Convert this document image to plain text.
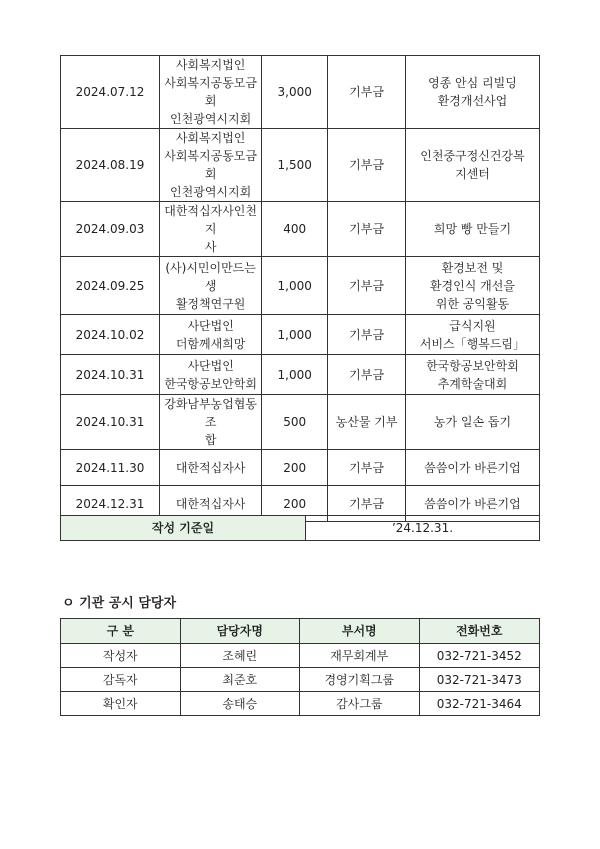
2024.07.12	사회복지법인
사회복지공동모금회
인천광역시지회	3,000	기부금	영종 안심 리빌딩
환경개선사업

2024.08.19	사회복지법인
사회복지공동모금회
인천광역시지회	1,500	기부금	인천중구정신건강복
지센터

2024.09.03	대한적십자사인천지
사	400	기부금	희망 빵 만들기

2024.09.25	(사)시민이만드는생
활정책연구원	1,000	기부금	환경보전 및
환경인식 개선을
위한 공익활동

2024.10.02	사단법인
더함께새희망	1,000	기부금	급식지원
서비스「행복드림」

2024.10.31	사단법인
한국항공보안학회	1,000	기부금	한국항공보안학회
추계학술대회

2024.10.31	강화남부농업협동조
합	500	농산물 기부	농가 일손 돕기

2024.11.30	대한적십자사	200	기부금	씀씀이가 바른기업

2024.12.31	대한적십자사	200	기부금	씀씀이가 바른기업
작성 기준일	’24.12.31.
ㅇ 기관 공시 담당자
구 분	담당자명	부서명	전화번호
작성자	조혜린	재무회계부	032-721-3452
감독자	최준호	경영기획그룹	032-721-3473
확인자	송태승	감사그룹	032-721-3464
